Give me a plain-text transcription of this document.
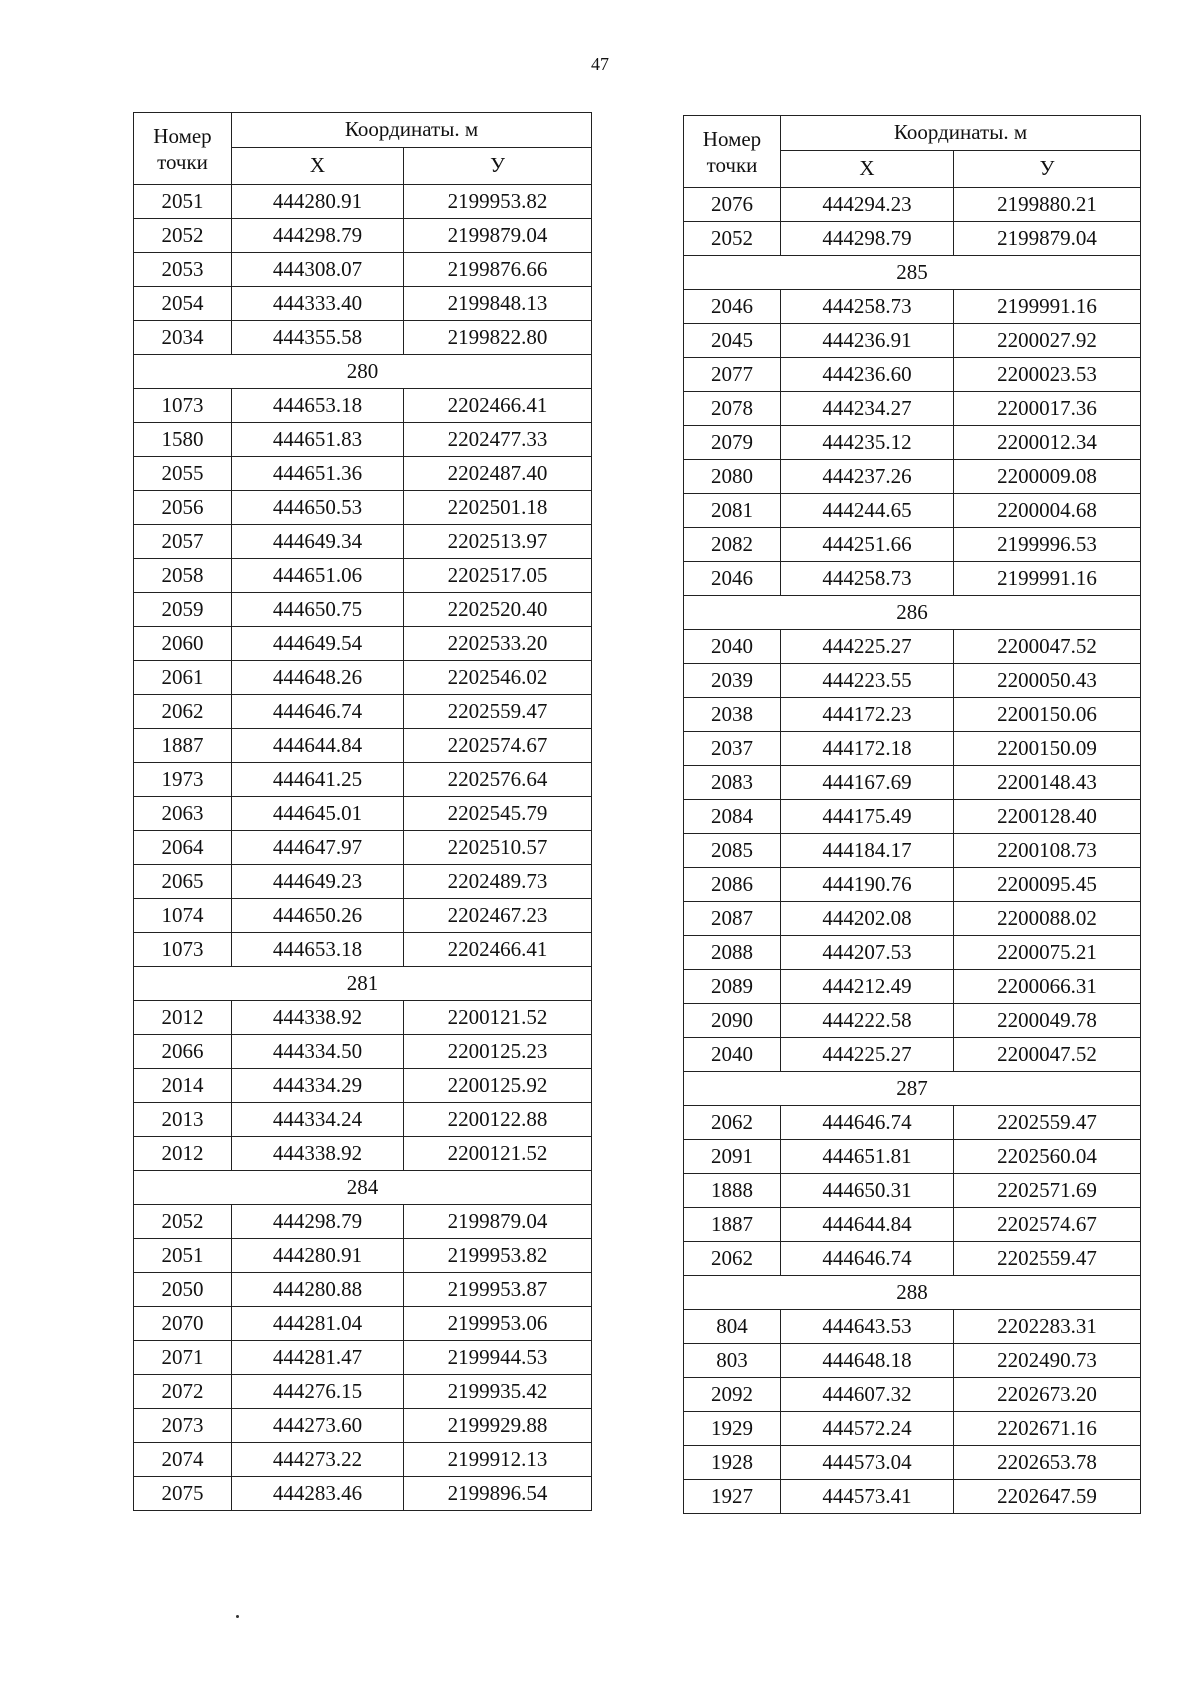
47
Номер точки	Координаты. м	
	X	У
2051	444280.91	2199953.82
2052	444298.79	2199879.04
2053	444308.07	2199876.66
2054	444333.40	2199848.13
2034	444355.58	2199822.80
280		
1073	444653.18	2202466.41
1580	444651.83	2202477.33
2055	444651.36	2202487.40
2056	444650.53	2202501.18
2057	444649.34	2202513.97
2058	444651.06	2202517.05
2059	444650.75	2202520.40
2060	444649.54	2202533.20
2061	444648.26	2202546.02
2062	444646.74	2202559.47
1887	444644.84	2202574.67
1973	444641.25	2202576.64
2063	444645.01	2202545.79
2064	444647.97	2202510.57
2065	444649.23	2202489.73
1074	444650.26	2202467.23
1073	444653.18	2202466.41
281		
2012	444338.92	2200121.52
2066	444334.50	2200125.23
2014	444334.29	2200125.92
2013	444334.24	2200122.88
2012	444338.92	2200121.52
284		
2052	444298.79	2199879.04
2051	444280.91	2199953.82
2050	444280.88	2199953.87
2070	444281.04	2199953.06
2071	444281.47	2199944.53
2072	444276.15	2199935.42
2073	444273.60	2199929.88
2074	444273.22	2199912.13
2075	444283.46	2199896.54
Номер точки	Координаты. м	
	X	У
2076	444294.23	2199880.21
2052	444298.79	2199879.04
285		
2046	444258.73	2199991.16
2045	444236.91	2200027.92
2077	444236.60	2200023.53
2078	444234.27	2200017.36
2079	444235.12	2200012.34
2080	444237.26	2200009.08
2081	444244.65	2200004.68
2082	444251.66	2199996.53
2046	444258.73	2199991.16
286		
2040	444225.27	2200047.52
2039	444223.55	2200050.43
2038	444172.23	2200150.06
2037	444172.18	2200150.09
2083	444167.69	2200148.43
2084	444175.49	2200128.40
2085	444184.17	2200108.73
2086	444190.76	2200095.45
2087	444202.08	2200088.02
2088	444207.53	2200075.21
2089	444212.49	2200066.31
2090	444222.58	2200049.78
2040	444225.27	2200047.52
287		
2062	444646.74	2202559.47
2091	444651.81	2202560.04
1888	444650.31	2202571.69
1887	444644.84	2202574.67
2062	444646.74	2202559.47
288		
804	444643.53	2202283.31
803	444648.18	2202490.73
2092	444607.32	2202673.20
1929	444572.24	2202671.16
1928	444573.04	2202653.78
1927	444573.41	2202647.59
